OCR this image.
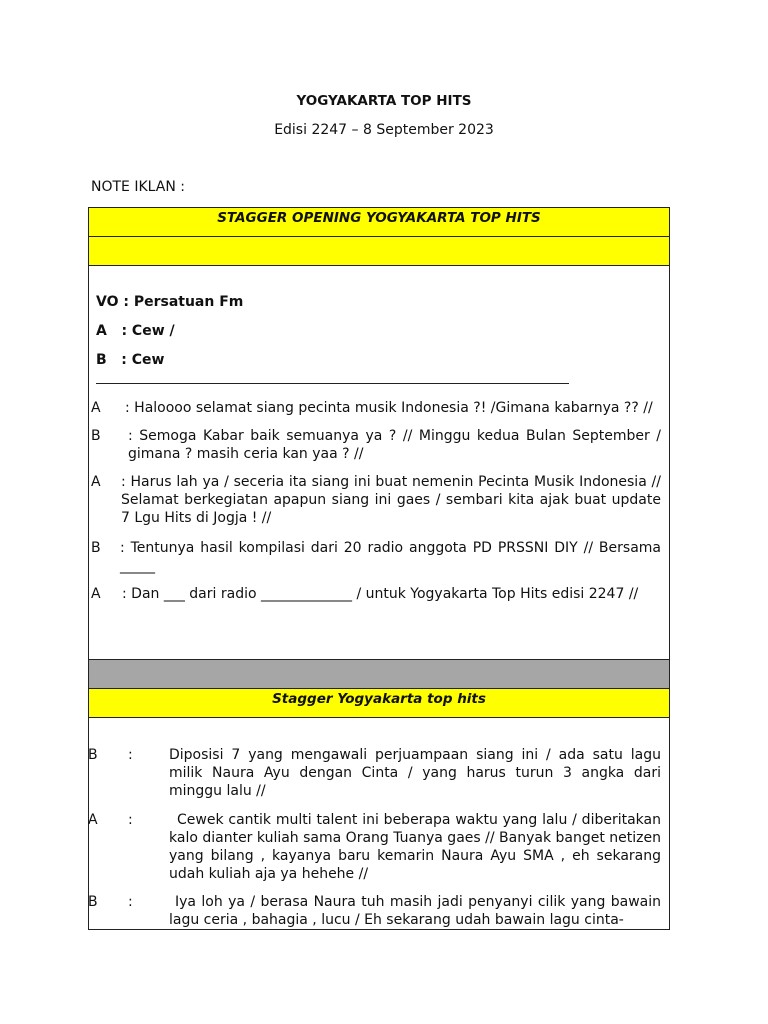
YOGYAKARTA TOP HITS
Edisi 2247 – 8 September 2023
NOTE IKLAN :
STAGGER OPENING YOGYAKARTA TOP HITS
VO : Persatuan Fm
A   : Cew /
B   : Cew
A : Haloooo selamat siang pecinta musik Indonesia ?! /Gimana kabarnya ?? //
B : Semoga Kabar baik semuanya ya ? // Minggu kedua Bulan September / gimana ? masih ceria kan yaa ? //
A : Harus lah ya / seceria ita siang ini buat nemenin Pecinta Musik Indonesia // Selamat berkegiatan apapun siang ini gaes / sembari kita ajak buat update 7 Lgu Hits di Jogja ! //
B : Tentunya hasil kompilasi dari 20 radio anggota PD PRSSNI DIY // Bersama _____
A : Dan ___ dari radio _____________ / untuk Yogyakarta Top Hits edisi 2247 //
Stagger Yogyakarta top hits
B :	Diposisi 7 yang mengawali perjuampaan siang ini / ada satu lagu milik Naura Ayu dengan Cinta / yang harus turun 3 angka dari minggu lalu //
A :	Cewek cantik multi talent ini beberapa waktu yang lalu / diberitakan kalo dianter kuliah sama Orang Tuanya gaes // Banyak banget netizen yang bilang , kayanya baru kemarin Naura Ayu SMA , eh sekarang udah kuliah aja ya hehehe //
B :	Iya loh ya / berasa Naura tuh masih jadi penyanyi cilik yang bawain lagu ceria , bahagia , lucu / Eh sekarang udah bawain lagu cinta-
